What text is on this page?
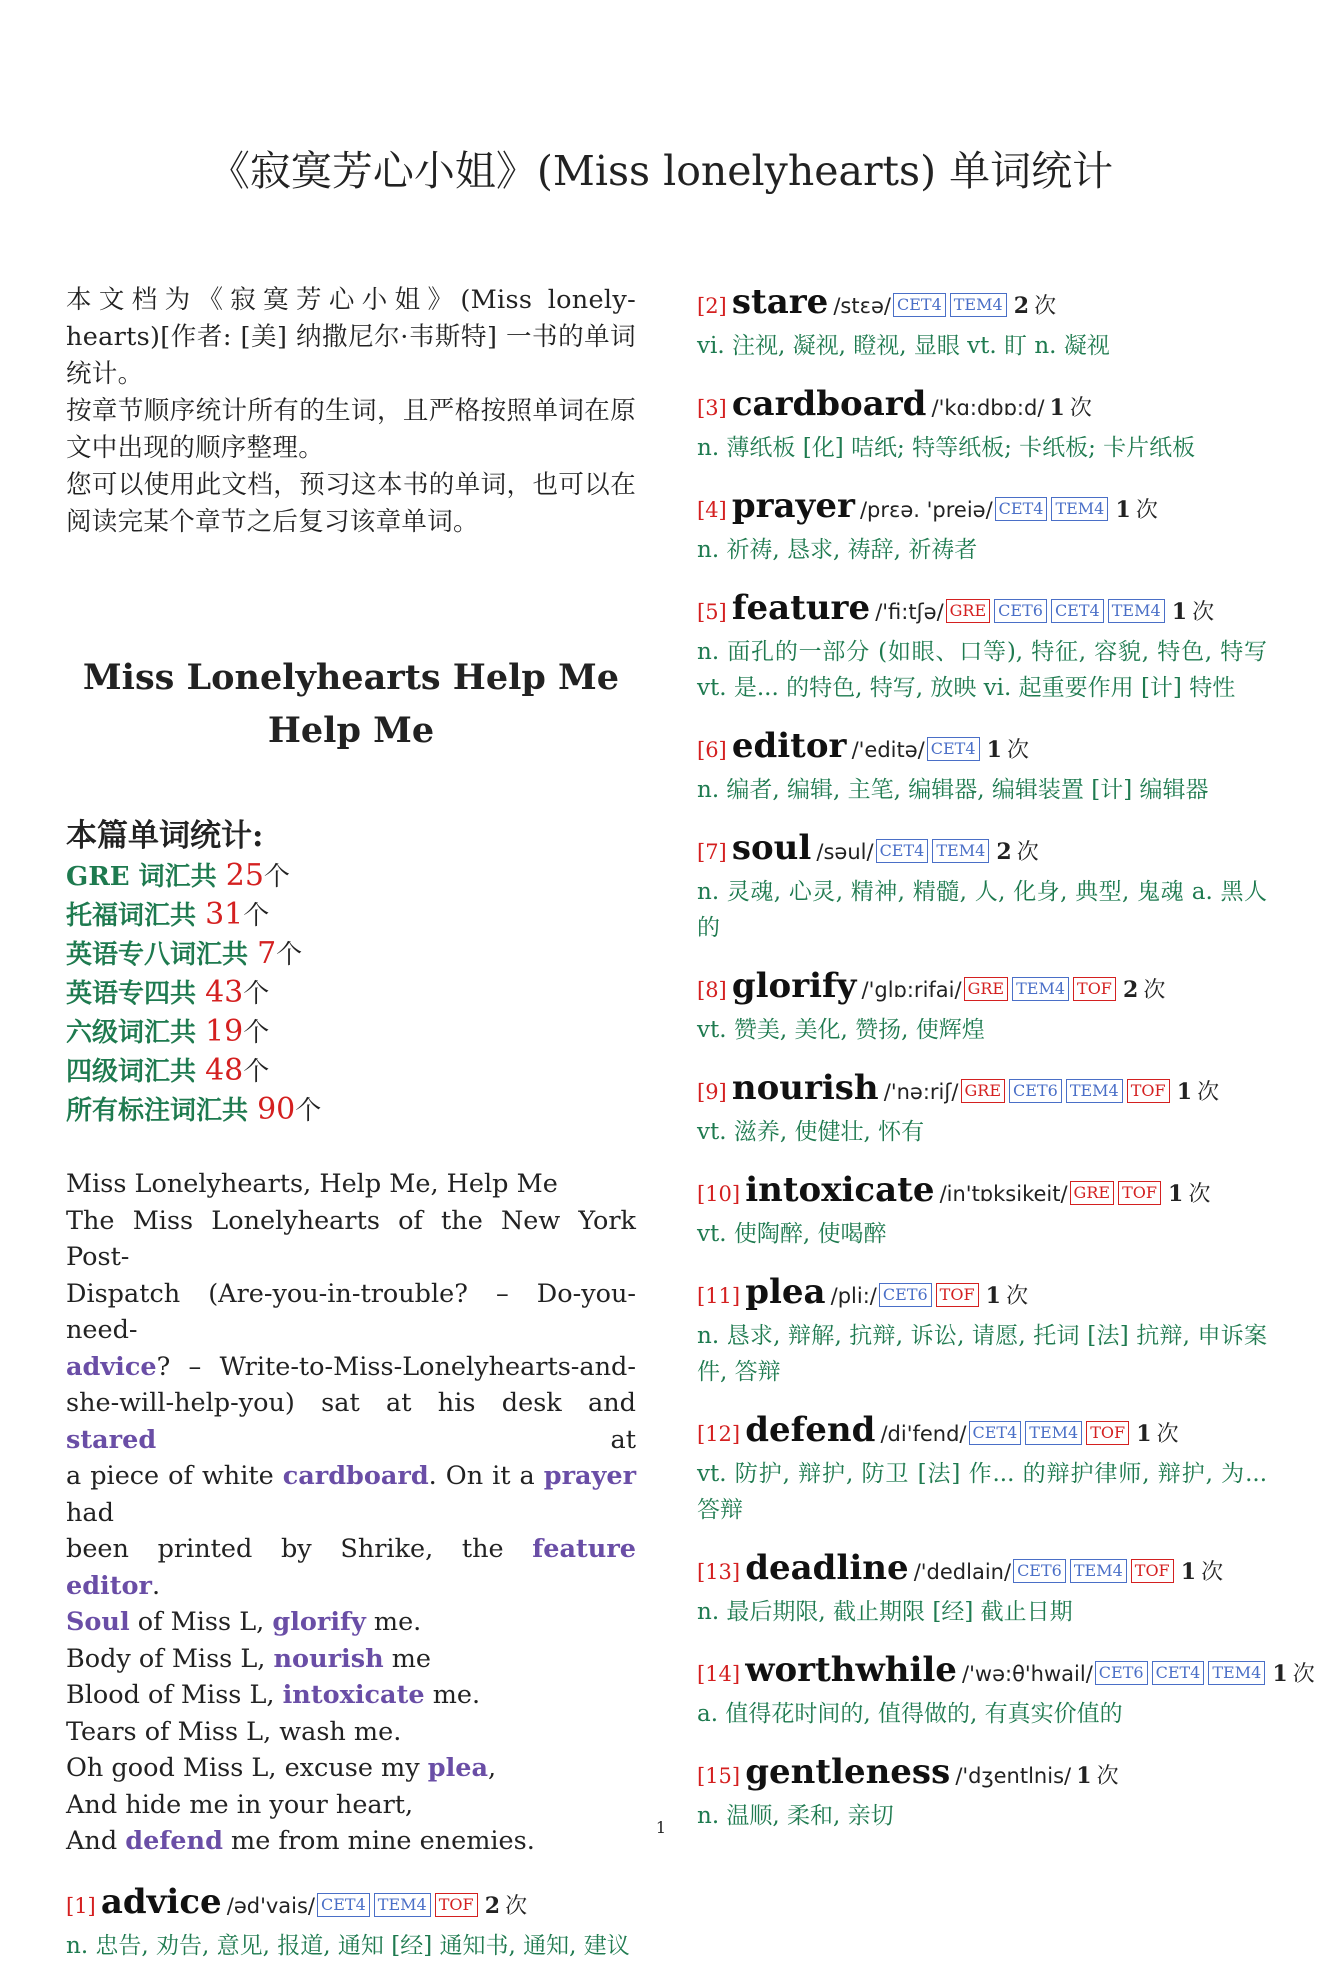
《寂寞芳心小姐》(Miss lonelyhearts) 单词统计

本文档为《寂寞芳心小姐》(Miss lonely-hearts)[作者: [美] 纳撒尼尔·韦斯特] 一书的单词统计。

按章节顺序统计所有的生词，且严格按照单词在原文中出现的顺序整理。

您可以使用此文档，预习这本书的单词，也可以在阅读完某个章节之后复习该章单词。

Miss Lonelyhearts Help Me Help Me
本篇单词统计:
GRE 词汇共 25个
托福词汇共 31个
英语专八词汇共 7个
英语专四共 43个
六级词汇共 19个
四级词汇共 48个
所有标注词汇共 90个
Miss Lonelyhearts, Help Me, Help Me
The Miss Lonelyhearts of the New York Post-
Dispatch (Are-you-in-trouble? – Do-you-need-
advice? – Write-to-Miss-Lonelyhearts-and-
she-will-help-you) sat at his desk and stared at
a piece of white cardboard. On it a prayer had
been printed by Shrike, the feature editor.
Soul of Miss L, glorify me.
Body of Miss L, nourish me
Blood of Miss L, intoxicate me.
Tears of Miss L, wash me.
Oh good Miss L, excuse my plea,
And hide me in your heart,
And defend me from mine enemies.
[1] advice /əd'vais/ CET4 TEM4 TOF 2 次
n. 忠告, 劝告, 意见, 报道, 通知 [经] 通知书, 通知, 建议
[2] stare /stɛə/ CET4 TEM4 2 次
vi. 注视, 凝视, 瞪视, 显眼 vt. 盯 n. 凝视
[3] cardboard /'kɑ:dbɒ:d/ 1 次
n. 薄纸板 [化] 咭纸; 特等纸板; 卡纸板; 卡片纸板
[4] prayer /prɛə. 'preiə/ CET4 TEM4 1 次
n. 祈祷, 恳求, 祷辞, 祈祷者
[5] feature /'fi:tʃə/ GRE CET6 CET4 TEM4 1 次
n. 面孔的一部分 (如眼、口等), 特征, 容貌, 特色, 特写 vt. 是... 的特色, 特写, 放映 vi. 起重要作用 [计] 特性
[6] editor /'editə/ CET4 1 次
n. 编者, 编辑, 主笔, 编辑器, 编辑装置 [计] 编辑器
[7] soul /səul/ CET4 TEM4 2 次
n. 灵魂, 心灵, 精神, 精髓, 人, 化身, 典型, 鬼魂 a. 黑人的
[8] glorify /'glɒ:rifai/ GRE TEM4 TOF 2 次
vt. 赞美, 美化, 赞扬, 使辉煌
[9] nourish /'nə:riʃ/ GRE CET6 TEM4 TOF 1 次
vt. 滋养, 使健壮, 怀有
[10] intoxicate /in'tɒksikeit/ GRE TOF 1 次
vt. 使陶醉, 使喝醉
[11] plea /pli:/ CET6 TOF 1 次
n. 恳求, 辩解, 抗辩, 诉讼, 请愿, 托词 [法] 抗辩, 申诉案件, 答辩
[12] defend /di'fend/ CET4 TEM4 TOF 1 次
vt. 防护, 辩护, 防卫 [法] 作... 的辩护律师, 辩护, 为... 答辩
[13] deadline /'dedlain/ CET6 TEM4 TOF 1 次
n. 最后期限, 截止期限 [经] 截止日期
[14] worthwhile /'wə:θ'hwail/ CET6 CET4 TEM4 1 次
a. 值得花时间的, 值得做的, 有真实价值的
[15] gentleness /'dʒentlnis/ 1 次
n. 温顺, 柔和, 亲切
1
